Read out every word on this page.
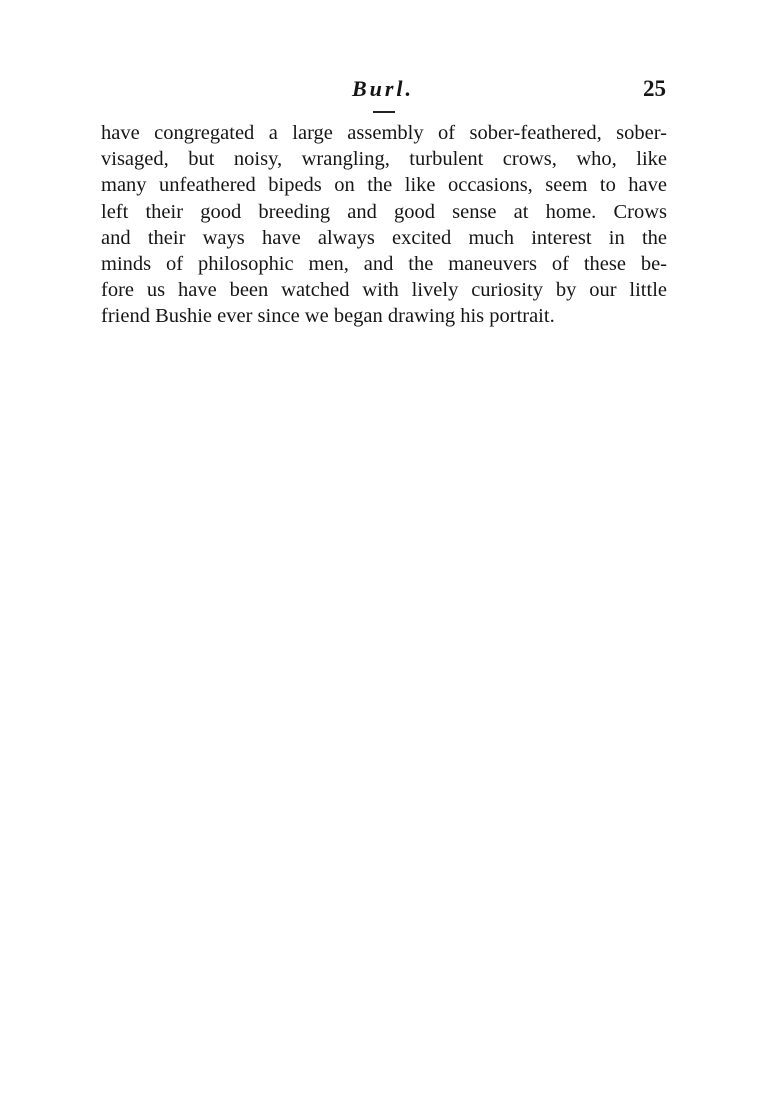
Burl.	25
have congregated a large assembly of sober-feathered, sober-
visaged, but noisy, wrangling, turbulent crows, who, like
many unfeathered bipeds on the like occasions, seem to have
left their good breeding and good sense at home. Crows
and their ways have always excited much interest in the
minds of philosophic men, and the maneuvers of these be-
fore us have been watched with lively curiosity by our little
friend Bushie ever since we began drawing his portrait.
